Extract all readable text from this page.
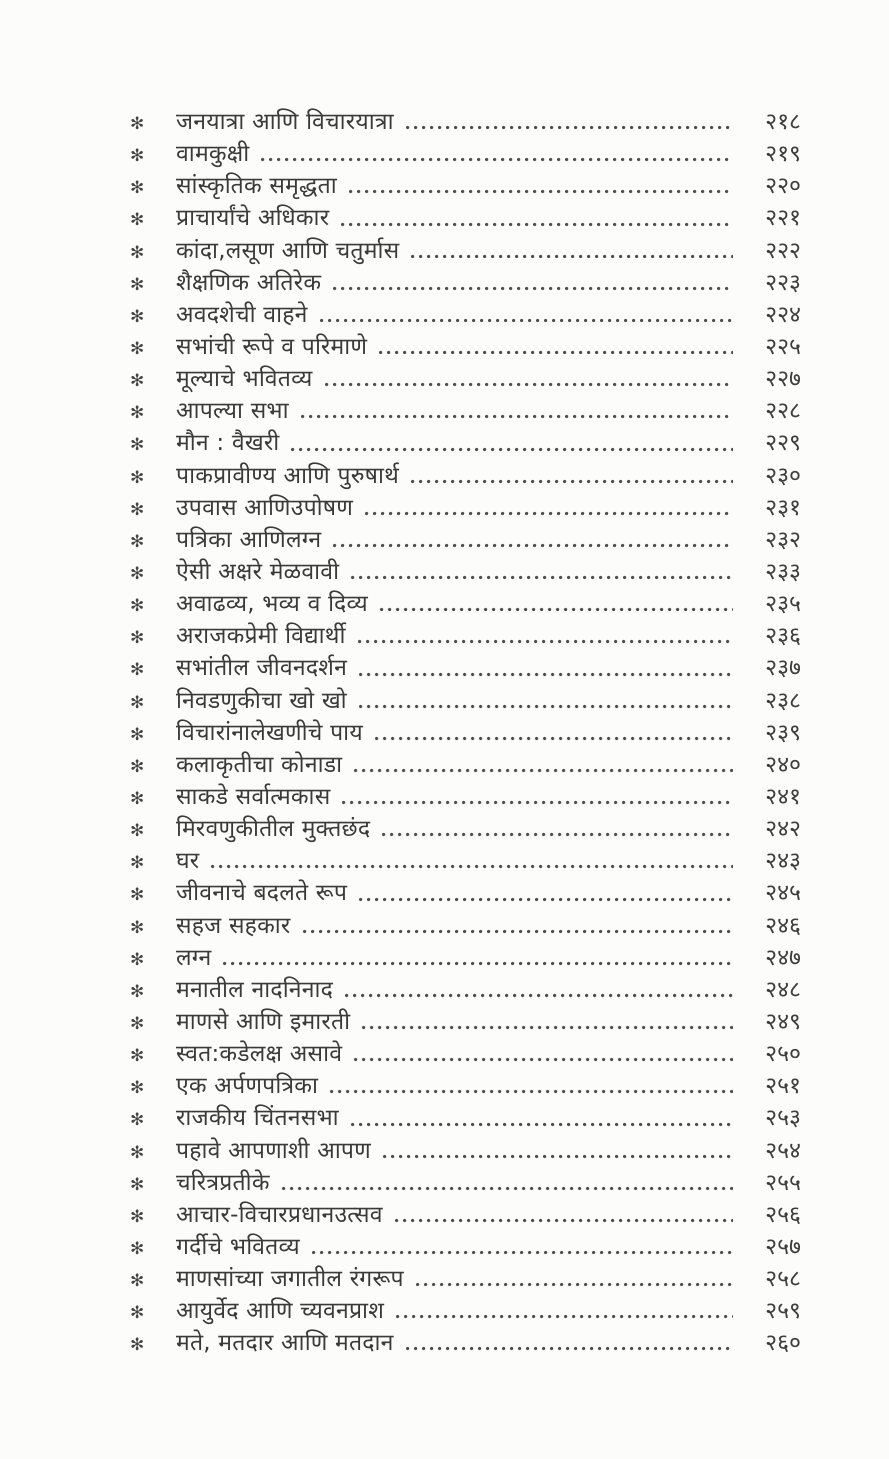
✻	जनयात्रा आणि विचारयात्रा	२१८
✻	वामकुक्षी	२१९
✻	सांस्कृतिक समृद्धता	२२०
✻	प्राचार्यांचे अधिकार	२२१
✻	कांदा,लसूण आणि चतुर्मास	२२२
✻	शैक्षणिक अतिरेक	२२३
✻	अवदशेची वाहने	२२४
✻	सभांची रूपे व परिमाणे	२२५
✻	मूल्याचे भवितव्य	२२७
✻	आपल्या सभा	२२८
✻	मौन : वैखरी	२२९
✻	पाकप्रावीण्य आणि पुरुषार्थ	२३०
✻	उपवास आणिउपोषण	२३१
✻	पत्रिका आणिलग्न	२३२
✻	ऐसी अक्षरे मेळवावी	२३३
✻	अवाढव्य, भव्य व दिव्य	२३५
✻	अराजकप्रेमी विद्यार्थी	२३६
✻	सभांतील जीवनदर्शन	२३७
✻	निवडणुकीचा खो खो	२३८
✻	विचारांनालेखणीचे पाय	२३९
✻	कलाकृतीचा कोनाडा	२४०
✻	साकडे सर्वात्मकास	२४१
✻	मिरवणुकीतील मुक्तछंद	२४२
✻	घर	२४३
✻	जीवनाचे बदलते रूप	२४५
✻	सहज सहकार	२४६
✻	लग्न	२४७
✻	मनातील नादनिनाद	२४८
✻	माणसे आणि इमारती	२४९
✻	स्वत:कडेलक्ष असावे	२५०
✻	एक अर्पणपत्रिका	२५१
✻	राजकीय चिंतनसभा	२५३
✻	पहावे आपणाशी आपण	२५४
✻	चरित्रप्रतीके	२५५
✻	आचार-विचारप्रधानउत्सव	२५६
✻	गर्दीचे भवितव्य	२५७
✻	माणसांच्या जगातील रंगरूप	२५८
✻	आयुर्वेद आणि च्यवनप्राश	२५९
✻	मते, मतदार आणि मतदान	२६०
